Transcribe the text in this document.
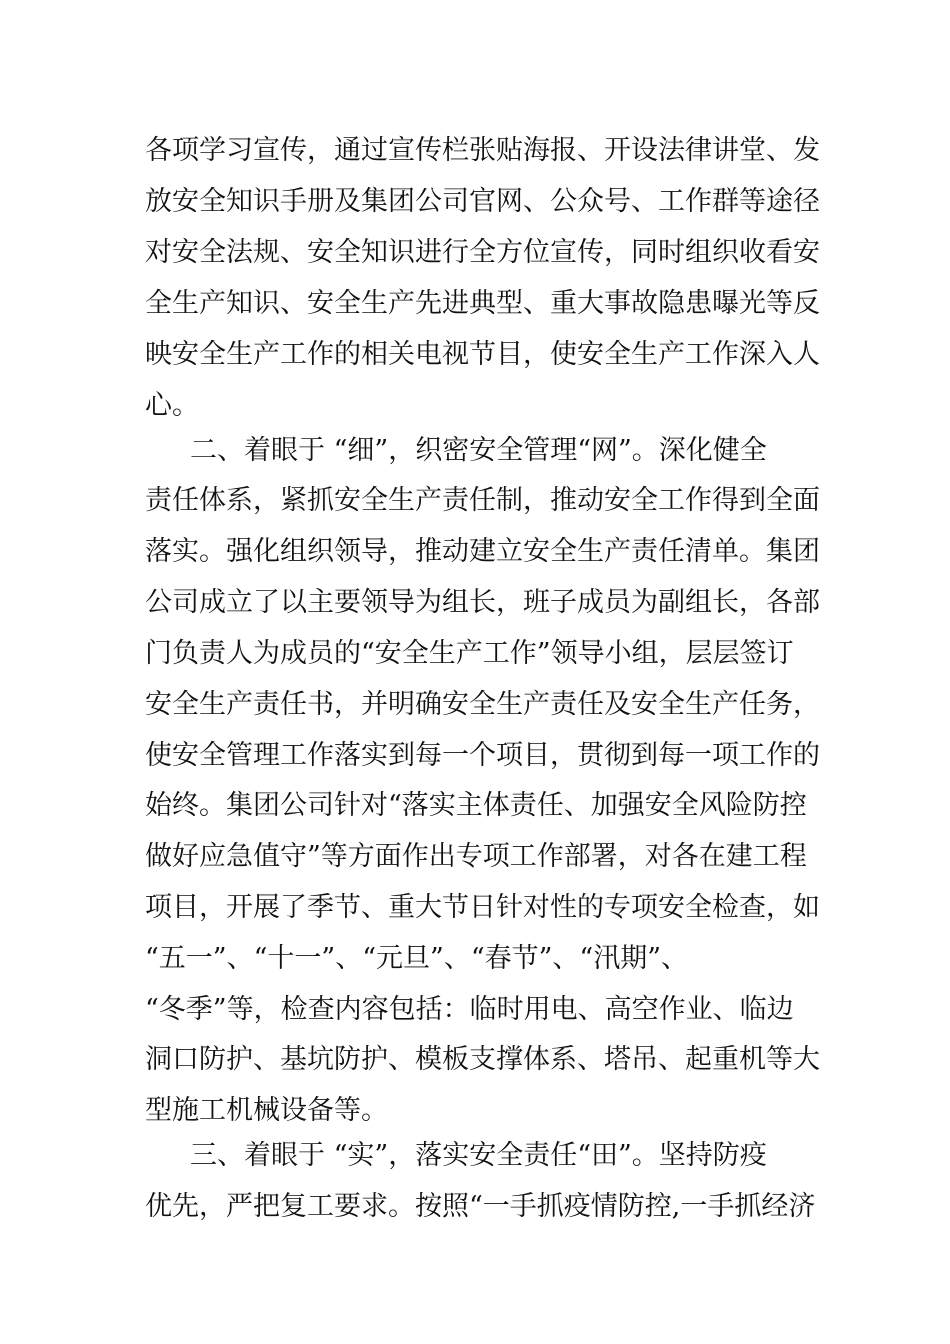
各项学习宣传，通过宣传栏张贴海报、开设法律讲堂、发
放安全知识手册及集团公司官网、公众号、工作群等途径
对安全法规、安全知识进行全方位宣传，同时组织收看安
全生产知识、安全生产先进典型、重大事故隐患曝光等反
映安全生产工作的相关电视节目，使安全生产工作深入人
心。
二、着眼于 “细”，织密安全管理“网”。深化健全
责任体系，紧抓安全生产责任制，推动安全工作得到全面
落实。强化组织领导，推动建立安全生产责任清单。集团
公司成立了以主要领导为组长，班子成员为副组长，各部
门负责人为成员的“安全生产工作”领导小组，层层签订
安全生产责任书，并明确安全生产责任及安全生产任务，
使安全管理工作落实到每一个项目，贯彻到每一项工作的
始终。集团公司针对“落实主体责任、加强安全风险防控
做好应急值守”等方面作出专项工作部署，对各在建工程
项目，开展了季节、重大节日针对性的专项安全检查，如
“五一”、“十一”、“元旦”、“春节”、“汛期”、
“冬季”等，检查内容包括：临时用电、高空作业、临边
洞口防护、基坑防护、模板支撑体系、塔吊、起重机等大
型施工机械设备等。
三、着眼于 “实”，落实安全责任“田”。坚持防疫
优先，严把复工要求。按照“一手抓疫情防控,一手抓经济
